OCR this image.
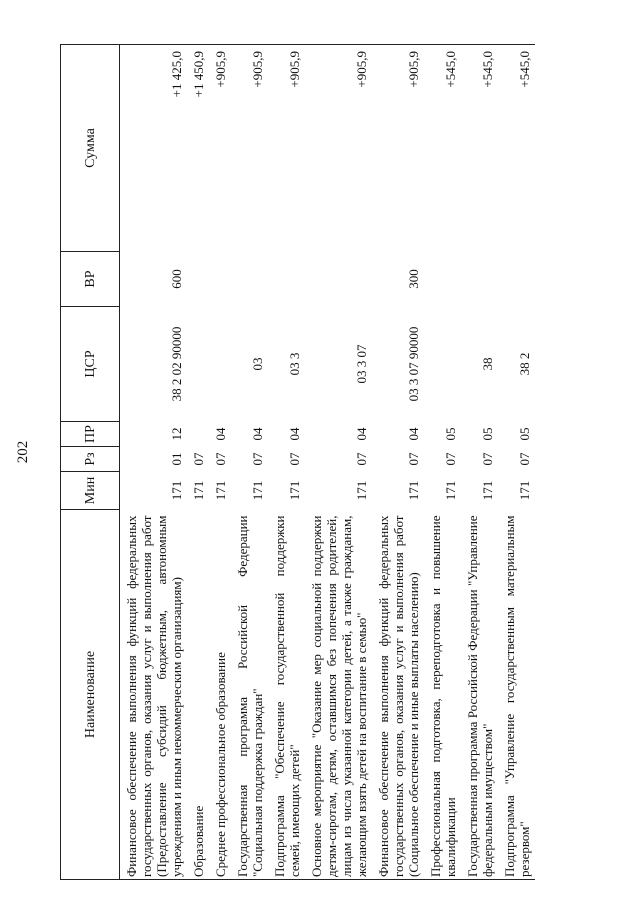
202
Наименование	Мин	Рз	ПР	ЦСР	ВР	Сумма
Финансовое обеспечение выполнения функций федеральных государственных органов, оказания услуг и выполнения работ (Предоставление субсидий бюджетным, автономным учреждениям и иным некоммерческим организациям)	171	01	12	38 2 02 90000	600	+1 425,0
Образование	171	07				+1 450,9
Среднее профессиональное образование	171	07	04			+905,9
Государственная программа Российской Федерации "Социальная поддержка граждан"	171	07	04	03		+905,9
Подпрограмма "Обеспечение государственной поддержки семей, имеющих детей"	171	07	04	03 3		+905,9
Основное мероприятие "Оказание мер социальной поддержки детям-сиротам, детям, оставшимся без попечения родителей, лицам из числа указанной категории детей, а также гражданам, желающим взять детей на воспитание в семью"	171	07	04	03 3 07		+905,9
Финансовое обеспечение выполнения функций федеральных государственных органов, оказания услуг и выполнения работ (Социальное обеспечение и иные выплаты населению)	171	07	04	03 3 07 90000	300	+905,9
Профессиональная подготовка, переподготовка и повышение квалификации	171	07	05			+545,0
Государственная программа Российской Федерации "Управление федеральным имуществом"	171	07	05	38		+545,0
Подпрограмма "Управление государственным материальным резервом"	171	07	05	38 2		+545,0
